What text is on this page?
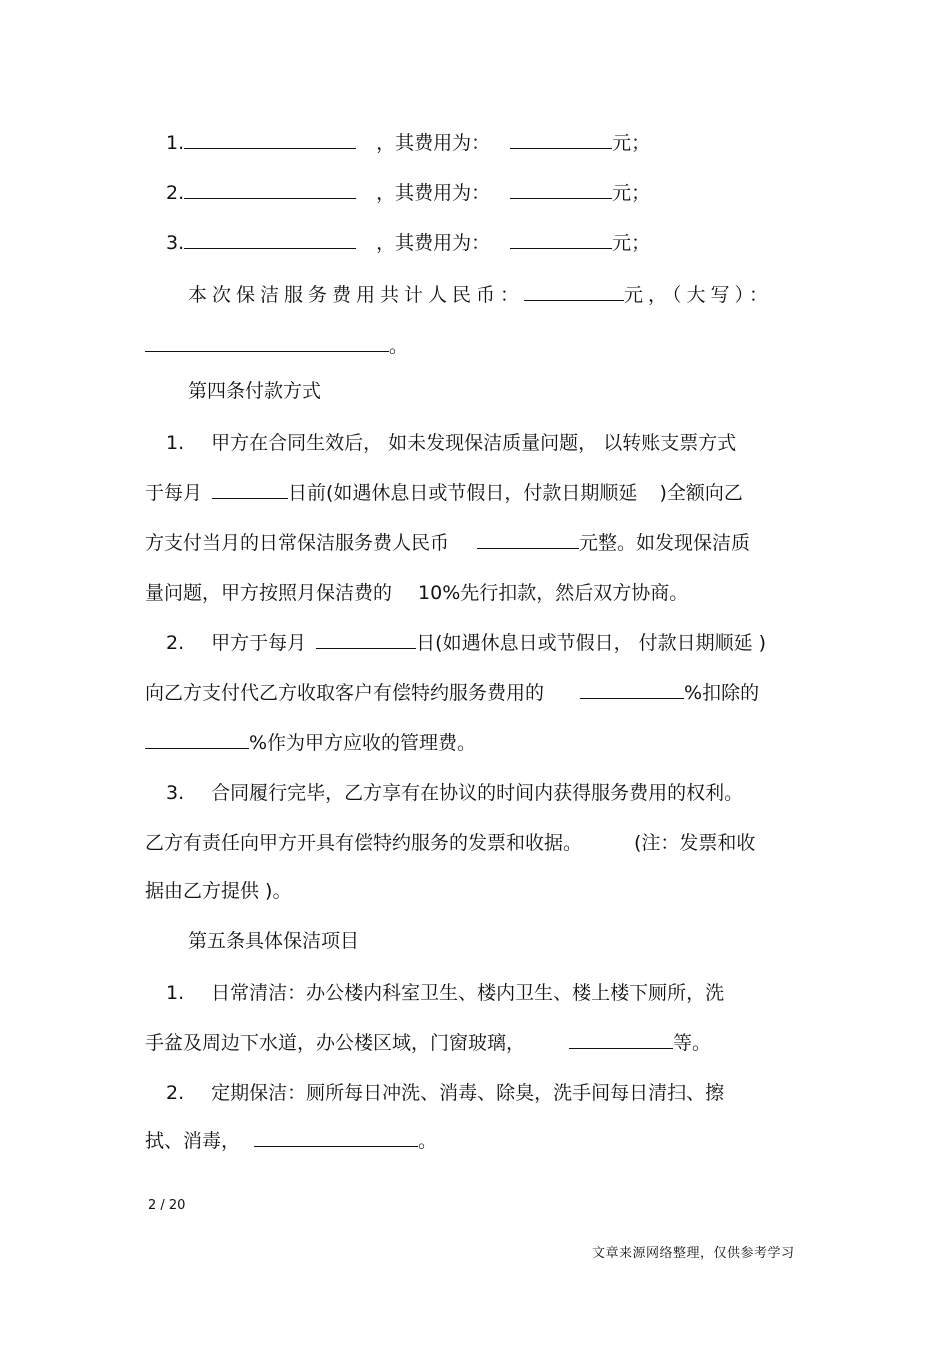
1.	，其费用为：	元；
2.	，其费用为：	元；
3.	，其费用为：	元；
本次保洁服务费用共计人民币：	元，（大写）：
。
第四条付款方式
1. 甲方在合同生效后， 如未发现保洁质量问题， 以转账支票方式
于每月	日前(如遇休息日或节假日，付款日期顺延 )全额向乙
方支付当月的日常保洁服务费人民币	元整。如发现保洁质
量问题，甲方按照月保洁费的 10%先行扣款，然后双方协商。
2. 甲方于每月	日(如遇休息日或节假日， 付款日期顺延 )
向乙方支付代乙方收取客户有偿特约服务费用的	%扣除的
%作为甲方应收的管理费。
3. 合同履行完毕，乙方享有在协议的时间内获得服务费用的权利。
乙方有责任向甲方开具有偿特约服务的发票和收据。	(注：发票和收
据由乙方提供 )。
第五条具体保洁项目
1. 日常清洁：办公楼内科室卫生、楼内卫生、楼上楼下厕所，洗
手盆及周边下水道，办公楼区域，门窗玻璃，	等。
2. 定期保洁：厕所每日冲洗、消毒、除臭，洗手间每日清扫、擦
拭、消毒，	。
2 / 20
文章来源网络整理，仅供参考学习
